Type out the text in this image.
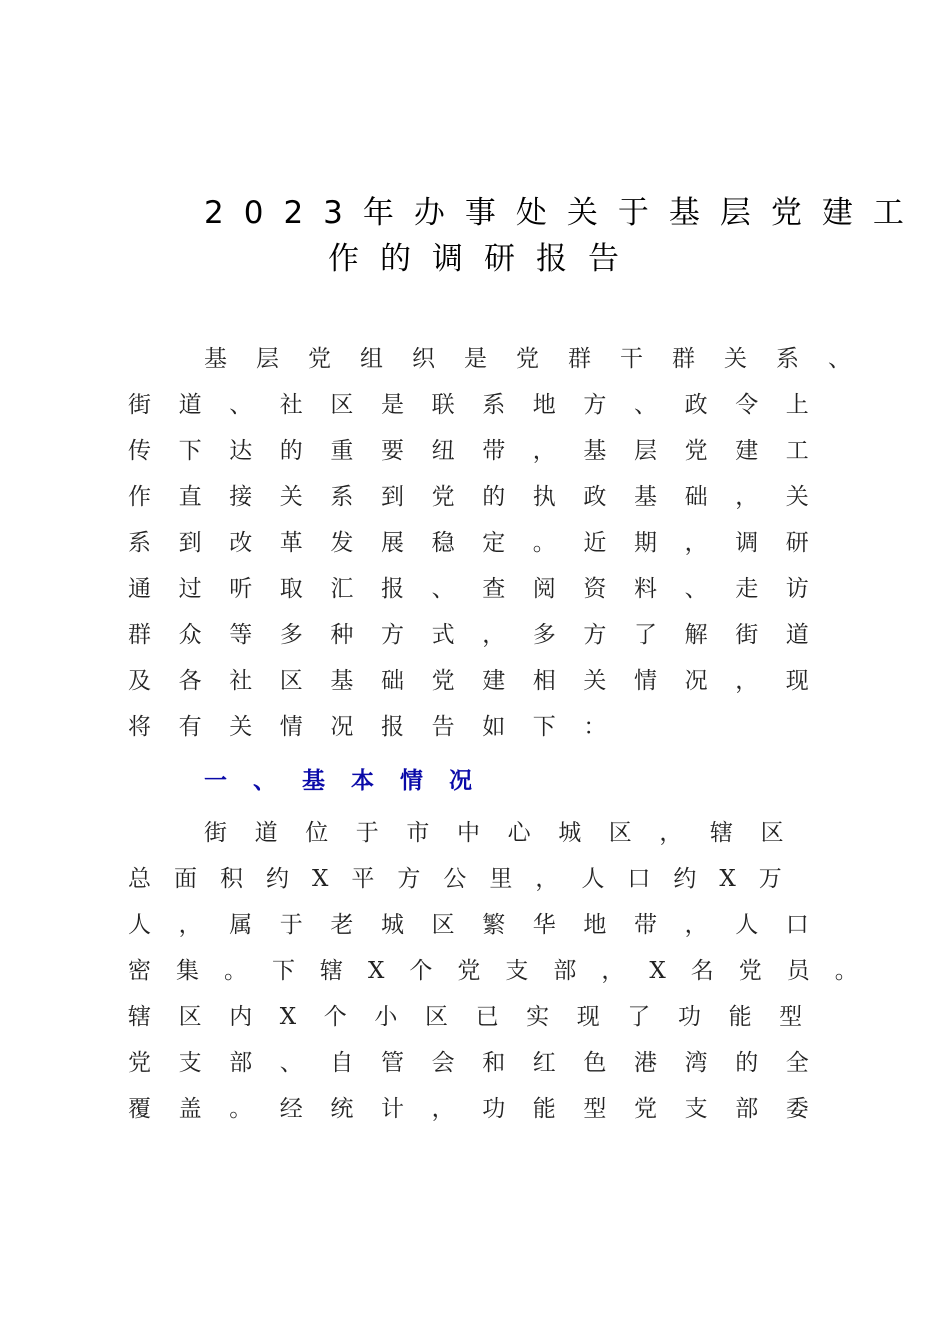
2023年办事处关于基层党建工
作的调研报告
基层党组织是党群干群关系、
街道、社区是联系地方、政令上
传下达的重要纽带，基层党建工
作直接关系到党的执政基础，关
系到改革发展稳定。近期，调研
通过听取汇报、查阅资料、走访
群众等多种方式，多方了解街道
及各社区基础党建相关情况，现
将有关情况报告如下：
一、基本情况
街道位于市中心城区，辖区
总面积约X平方公里，人口约X万
人，属于老城区繁华地带，人口
密集。下辖X个党支部，X名党员。
辖区内X个小区已实现了功能型
党支部、自管会和红色港湾的全
覆盖。经统计，功能型党支部委
